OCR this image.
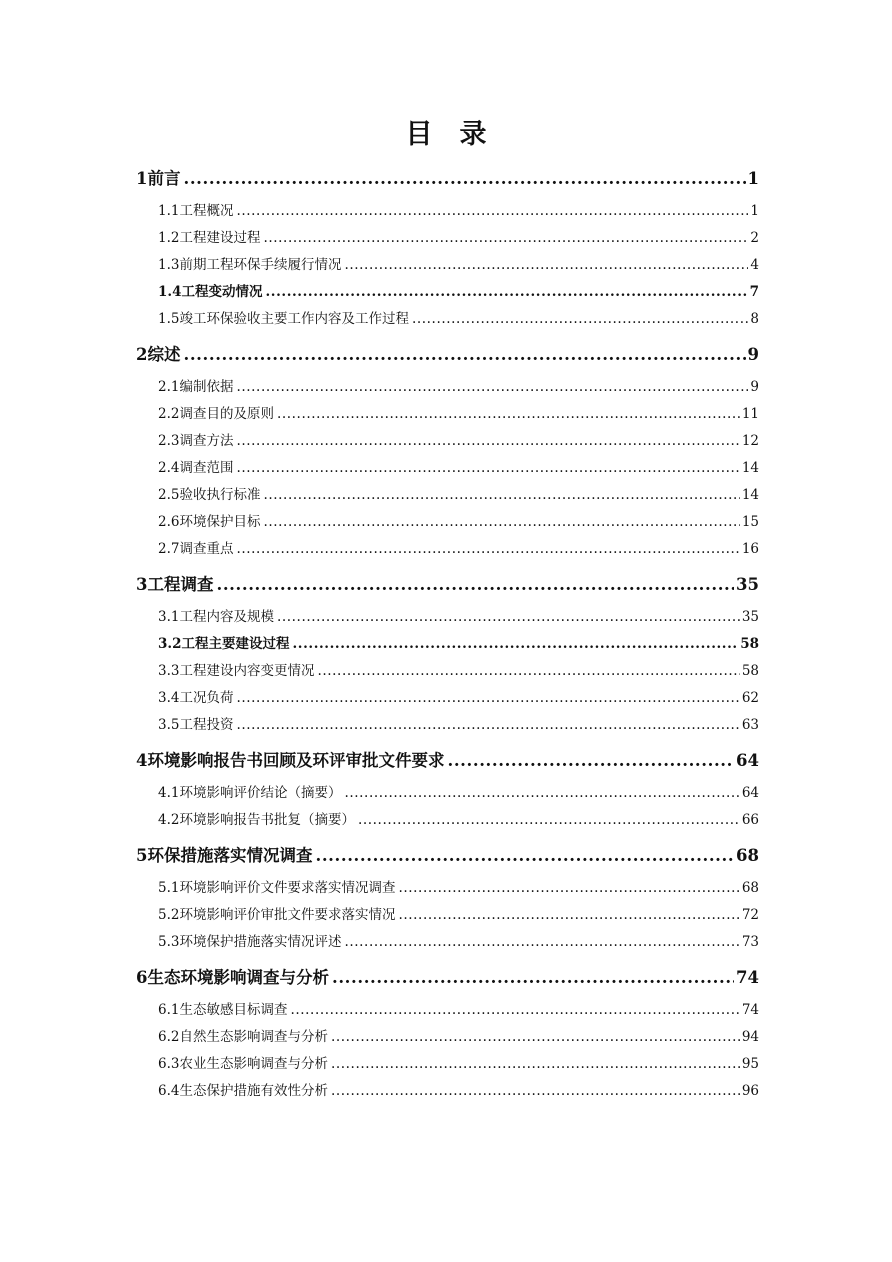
目　录
1 前言 .....	1
1.1 工程概况 .....	1
1.2 工程建设过程 .....	2
1.3 前期工程环保手续履行情况 .....	4
1.4 工程变动情况 .....	7
1.5 竣工环保验收主要工作内容及工作过程 .....	8
2 综述 .....	9
2.1 编制依据 .....	9
2.2 调查目的及原则 .....	11
2.3 调查方法 .....	12
2.4 调查范围 .....	14
2.5 验收执行标准 .....	14
2.6 环境保护目标 .....	15
2.7 调查重点 .....	16
3 工程调查 .....	35
3.1 工程内容及规模 .....	35
3.2 工程主要建设过程 .....	58
3.3 工程建设内容变更情况 .....	58
3.4 工况负荷 .....	62
3.5 工程投资 .....	63
4 环境影响报告书回顾及环评审批文件要求 .....	64
4.1 环境影响评价结论（摘要） .....	64
4.2 环境影响报告书批复（摘要） .....	66
5 环保措施落实情况调查 .....	68
5.1 环境影响评价文件要求落实情况调查 .....	68
5.2 环境影响评价审批文件要求落实情况 .....	72
5.3 环境保护措施落实情况评述 .....	73
6 生态环境影响调查与分析 .....	74
6.1 生态敏感目标调查 .....	74
6.2 自然生态影响调查与分析 .....	94
6.3 农业生态影响调查与分析 .....	95
6.4 生态保护措施有效性分析 .....	96
